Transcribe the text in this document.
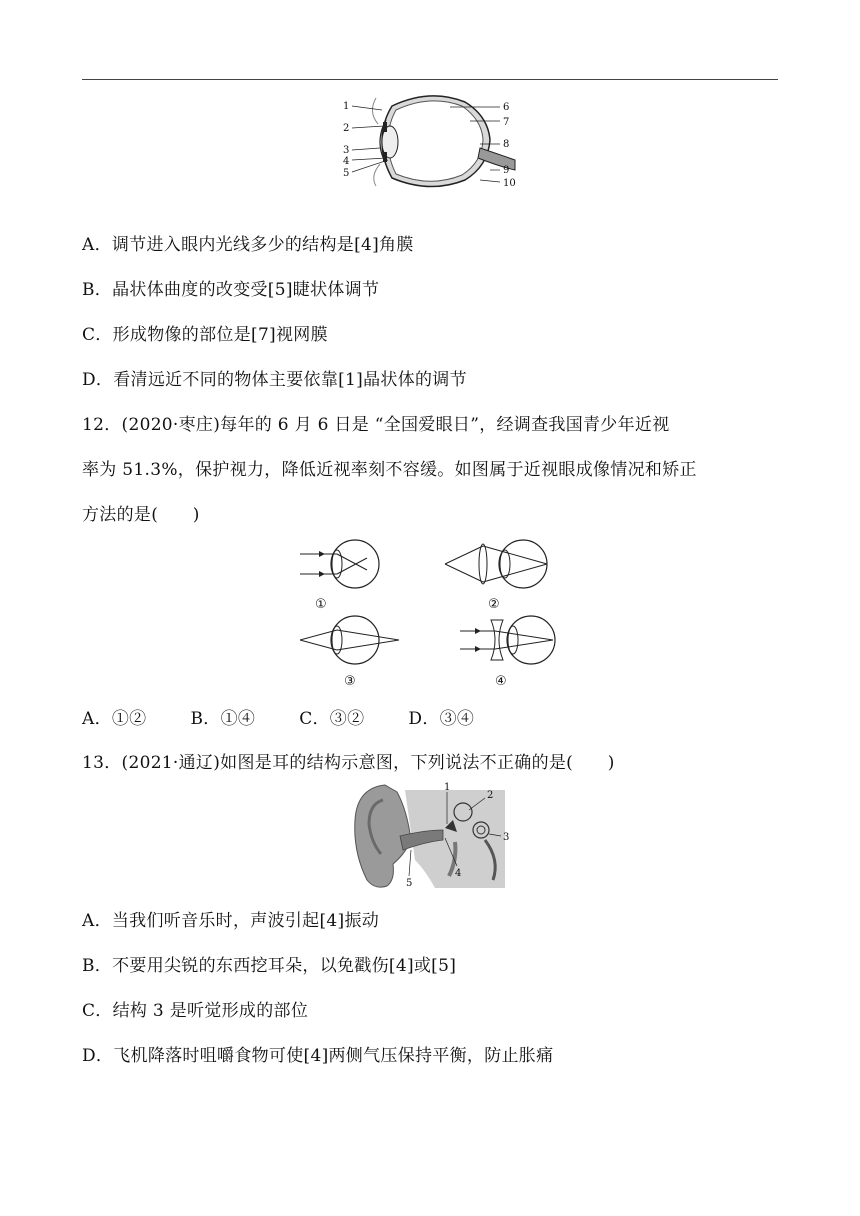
1
2
3
4
5
6
7
8
9
10
A．调节进入眼内光线多少的结构是[4]角膜
B．晶状体曲度的改变受[5]睫状体调节
C．形成物像的部位是[7]视网膜
D．看清远近不同的物体主要依靠[1]晶状体的调节
12．(2020·枣庄)每年的 6 月 6 日是 “全国爱眼日”，经调查我国青少年近视
率为 51.3%，保护视力，降低近视率刻不容缓。如图属于近视眼成像情况和矫正
方法的是(　　)
①	②
③	④
A．①②	B．①④	C．③②	D．③④
13．(2021·通辽)如图是耳的结构示意图，下列说法不正确的是(　　)
1
2
3
4
5
A．当我们听音乐时，声波引起[4]振动
B．不要用尖锐的东西挖耳朵，以免戳伤[4]或[5]
C．结构 3 是听觉形成的部位
D．飞机降落时咀嚼食物可使[4]两侧气压保持平衡，防止胀痛
